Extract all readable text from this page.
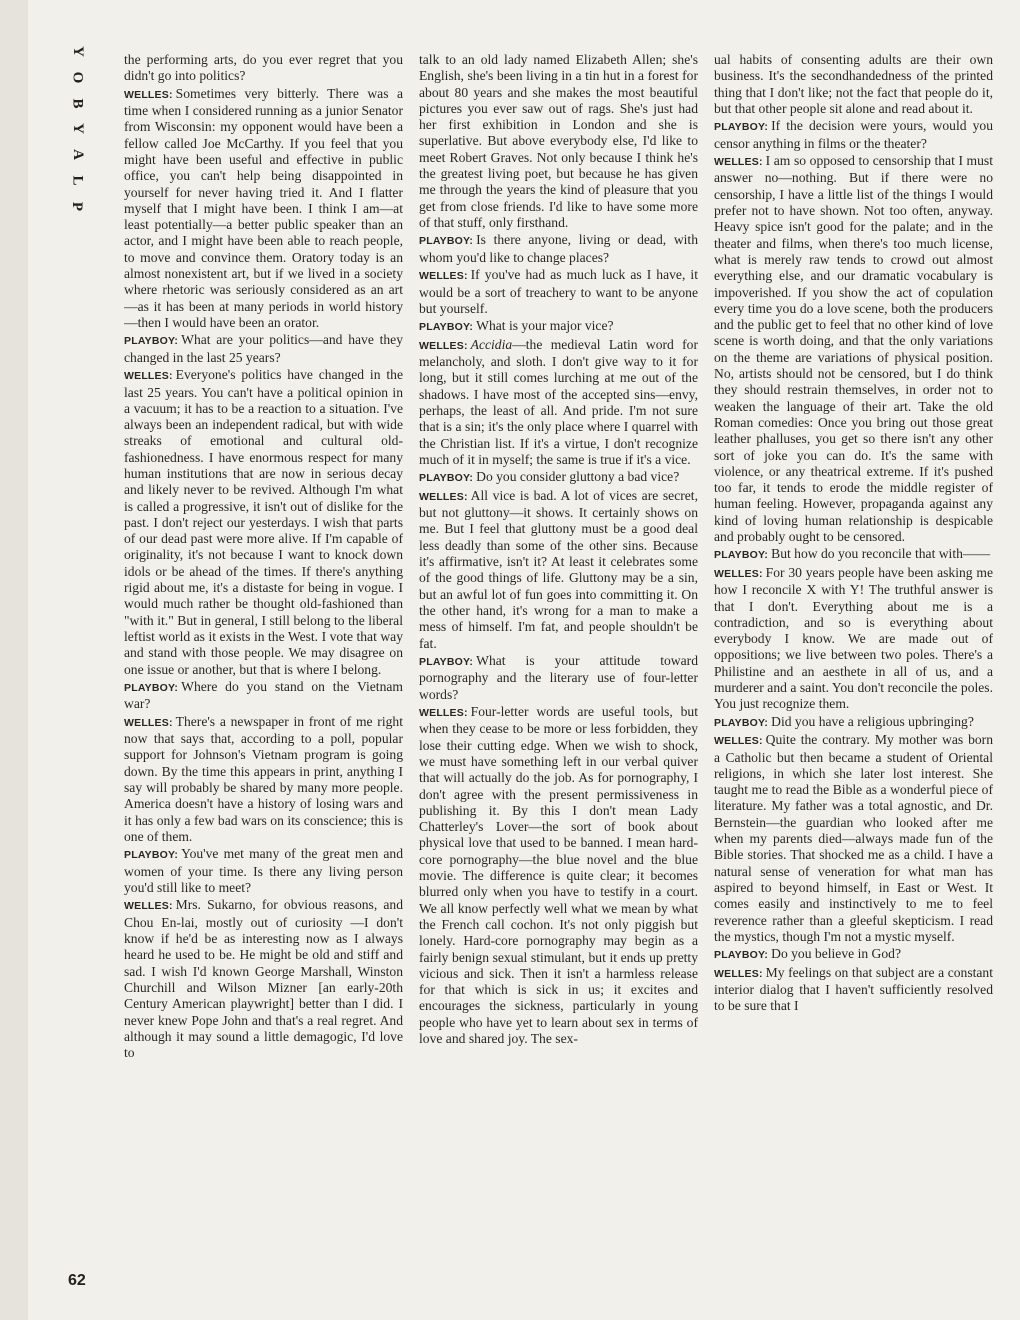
Y
O
B
Y
A
L
P
62

the performing arts, do you ever regret that you didn't go into politics?

WELLES: Sometimes very bitterly. There was a time when I considered running as a junior Senator from Wisconsin: my opponent would have been a fellow called Joe McCarthy. If you feel that you might have been useful and effective in public office, you can't help being disappointed in yourself for never having tried it. And I flatter myself that I might have been. I think I am—at least potentially—a better public speaker than an actor, and I might have been able to reach people, to move and convince them. Oratory today is an almost nonexistent art, but if we lived in a society where rhetoric was seriously considered as an art—as it has been at many periods in world history—then I would have been an orator.

PLAYBOY: What are your politics—and have they changed in the last 25 years?

WELLES: Everyone's politics have changed in the last 25 years. You can't have a political opinion in a vacuum; it has to be a reaction to a situation. I've always been an independent radical, but with wide streaks of emotional and cultural old-fashionedness. I have enormous respect for many human institutions that are now in serious decay and likely never to be revived. Although I'm what is called a progressive, it isn't out of dislike for the past. I don't reject our yesterdays. I wish that parts of our dead past were more alive. If I'm capable of originality, it's not because I want to knock down idols or be ahead of the times. If there's anything rigid about me, it's a distaste for being in vogue. I would much rather be thought old-fashioned than "with it." But in general, I still belong to the liberal leftist world as it exists in the West. I vote that way and stand with those people. We may disagree on one issue or another, but that is where I belong.

PLAYBOY: Where do you stand on the Vietnam war?

WELLES: There's a newspaper in front of me right now that says that, according to a poll, popular support for Johnson's Vietnam program is going down. By the time this appears in print, anything I say will probably be shared by many more people. America doesn't have a history of losing wars and it has only a few bad wars on its conscience; this is one of them.

PLAYBOY: You've met many of the great men and women of your time. Is there any living person you'd still like to meet?

WELLES: Mrs. Sukarno, for obvious reasons, and Chou En-lai, mostly out of curiosity —I don't know if he'd be as interesting now as I always heard he used to be. He might be old and stiff and sad. I wish I'd known George Marshall, Winston Churchill and Wilson Mizner [an early-20th Century American playwright] better than I did. I never knew Pope John and that's a real regret. And although it may sound a little demagogic, I'd love to

talk to an old lady named Elizabeth Allen; she's English, she's been living in a tin hut in a forest for about 80 years and she makes the most beautiful pictures you ever saw out of rags. She's just had her first exhibition in London and she is superlative. But above everybody else, I'd like to meet Robert Graves. Not only because I think he's the greatest living poet, but because he has given me through the years the kind of pleasure that you get from close friends. I'd like to have some more of that stuff, only firsthand.

PLAYBOY: Is there anyone, living or dead, with whom you'd like to change places?

WELLES: If you've had as much luck as I have, it would be a sort of treachery to want to be anyone but yourself.

PLAYBOY: What is your major vice?

WELLES: Accidia—the medieval Latin word for melancholy, and sloth. I don't give way to it for long, but it still comes lurching at me out of the shadows. I have most of the accepted sins—envy, perhaps, the least of all. And pride. I'm not sure that is a sin; it's the only place where I quarrel with the Christian list. If it's a virtue, I don't recognize much of it in myself; the same is true if it's a vice.

PLAYBOY: Do you consider gluttony a bad vice?

WELLES: All vice is bad. A lot of vices are secret, but not gluttony—it shows. It certainly shows on me. But I feel that gluttony must be a good deal less deadly than some of the other sins. Because it's affirmative, isn't it? At least it celebrates some of the good things of life. Gluttony may be a sin, but an awful lot of fun goes into committing it. On the other hand, it's wrong for a man to make a mess of himself. I'm fat, and people shouldn't be fat.

PLAYBOY: What is your attitude toward pornography and the literary use of four-letter words?

WELLES: Four-letter words are useful tools, but when they cease to be more or less forbidden, they lose their cutting edge. When we wish to shock, we must have something left in our verbal quiver that will actually do the job. As for pornography, I don't agree with the present permissiveness in publishing it. By this I don't mean Lady Chatterley's Lover—the sort of book about physical love that used to be banned. I mean hard-core pornography—the blue novel and the blue movie. The difference is quite clear; it becomes blurred only when you have to testify in a court. We all know perfectly well what we mean by what the French call cochon. It's not only piggish but lonely. Hard-core pornography may begin as a fairly benign sexual stimulant, but it ends up pretty vicious and sick. Then it isn't a harmless release for that which is sick in us; it excites and encourages the sickness, particularly in young people who have yet to learn about sex in terms of love and shared joy. The sex-

ual habits of consenting adults are their own business. It's the secondhandedness of the printed thing that I don't like; not the fact that people do it, but that other people sit alone and read about it.

PLAYBOY: If the decision were yours, would you censor anything in films or the theater?

WELLES: I am so opposed to censorship that I must answer no—nothing. But if there were no censorship, I have a little list of the things I would prefer not to have shown. Not too often, anyway. Heavy spice isn't good for the palate; and in the theater and films, when there's too much license, what is merely raw tends to crowd out almost everything else, and our dramatic vocabulary is impoverished. If you show the act of copulation every time you do a love scene, both the producers and the public get to feel that no other kind of love scene is worth doing, and that the only variations on the theme are variations of physical position. No, artists should not be censored, but I do think they should restrain themselves, in order not to weaken the language of their art. Take the old Roman comedies: Once you bring out those great leather phalluses, you get so there isn't any other sort of joke you can do. It's the same with violence, or any theatrical extreme. If it's pushed too far, it tends to erode the middle register of human feeling. However, propaganda against any kind of loving human relationship is despicable and probably ought to be censored.

PLAYBOY: But how do you reconcile that with——

WELLES: For 30 years people have been asking me how I reconcile X with Y! The truthful answer is that I don't. Everything about me is a contradiction, and so is everything about everybody I know. We are made out of oppositions; we live between two poles. There's a Philistine and an aesthete in all of us, and a murderer and a saint. You don't reconcile the poles. You just recognize them.

PLAYBOY: Did you have a religious upbringing?

WELLES: Quite the contrary. My mother was born a Catholic but then became a student of Oriental religions, in which she later lost interest. She taught me to read the Bible as a wonderful piece of literature. My father was a total agnostic, and Dr. Bernstein—the guardian who looked after me when my parents died—always made fun of the Bible stories. That shocked me as a child. I have a natural sense of veneration for what man has aspired to beyond himself, in East or West. It comes easily and instinctively to me to feel reverence rather than a gleeful skepticism. I read the mystics, though I'm not a mystic myself.

PLAYBOY: Do you believe in God?

WELLES: My feelings on that subject are a constant interior dialog that I haven't sufficiently resolved to be sure that I
